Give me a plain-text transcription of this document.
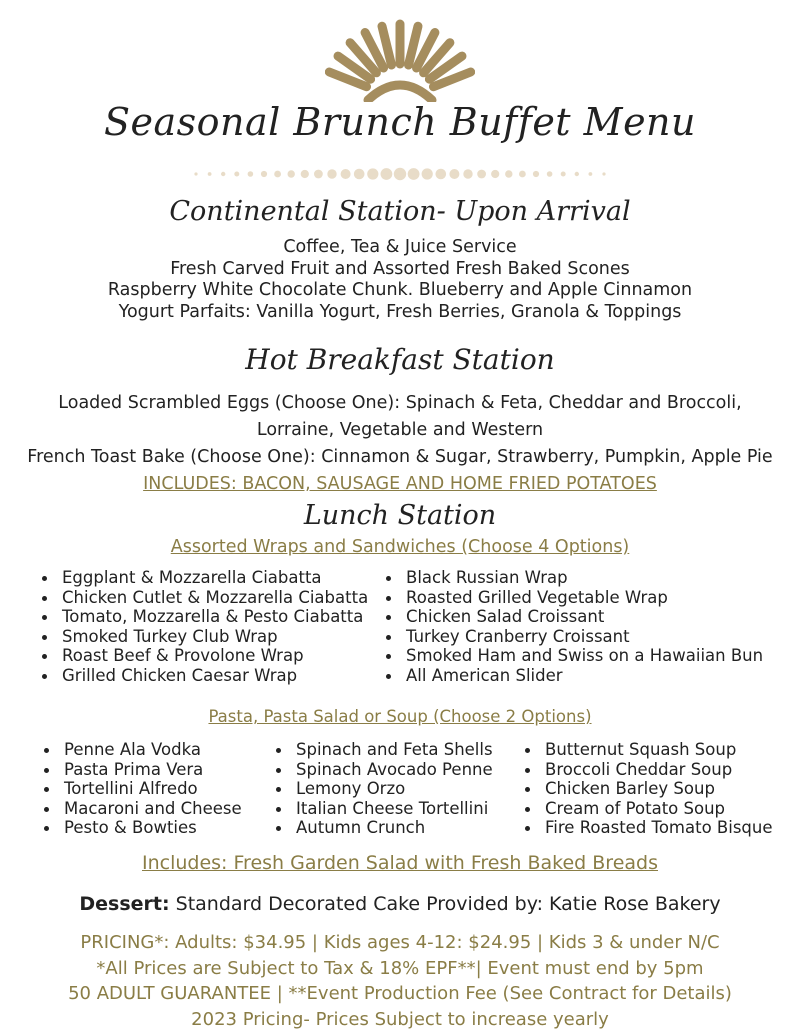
Seasonal Brunch Buffet Menu
Continental Station- Upon Arrival
Coffee, Tea & Juice Service
Fresh Carved Fruit and Assorted Fresh Baked Scones
Raspberry White Chocolate Chunk. Blueberry and Apple Cinnamon
Yogurt Parfaits: Vanilla Yogurt, Fresh Berries, Granola & Toppings
Hot Breakfast Station
Loaded Scrambled Eggs (Choose One): Spinach & Feta, Cheddar and Broccoli,
Lorraine, Vegetable and Western
French Toast Bake (Choose One): Cinnamon & Sugar, Strawberry, Pumpkin, Apple Pie
INCLUDES: BACON, SAUSAGE AND HOME FRIED POTATOES
Lunch Station
Assorted Wraps and Sandwiches (Choose 4 Options)
Eggplant & Mozzarella Ciabatta
Chicken Cutlet & Mozzarella Ciabatta
Tomato, Mozzarella & Pesto Ciabatta
Smoked Turkey Club Wrap
Roast Beef & Provolone Wrap
Grilled Chicken Caesar Wrap
Black Russian Wrap
Roasted Grilled Vegetable Wrap
Chicken Salad Croissant
Turkey Cranberry Croissant
Smoked Ham and Swiss on a Hawaiian Bun
All American Slider
Pasta, Pasta Salad or Soup (Choose 2 Options)
Penne Ala Vodka
Pasta Prima Vera
Tortellini Alfredo
Macaroni and Cheese
Pesto & Bowties
Spinach and Feta Shells
Spinach Avocado Penne
Lemony Orzo
Italian Cheese Tortellini
Autumn Crunch
Butternut Squash Soup
Broccoli Cheddar Soup
Chicken Barley Soup
Cream of Potato Soup
Fire Roasted Tomato Bisque
Includes: Fresh Garden Salad with Fresh Baked Breads
Dessert: Standard Decorated Cake Provided by: Katie Rose Bakery
PRICING*: Adults: $34.95 | Kids ages 4-12: $24.95 | Kids 3 & under N/C
*All Prices are Subject to Tax & 18% EPF**| Event must end by 5pm
50 ADULT GUARANTEE | **Event Production Fee (See Contract for Details)
2023 Pricing- Prices Subject to increase yearly
